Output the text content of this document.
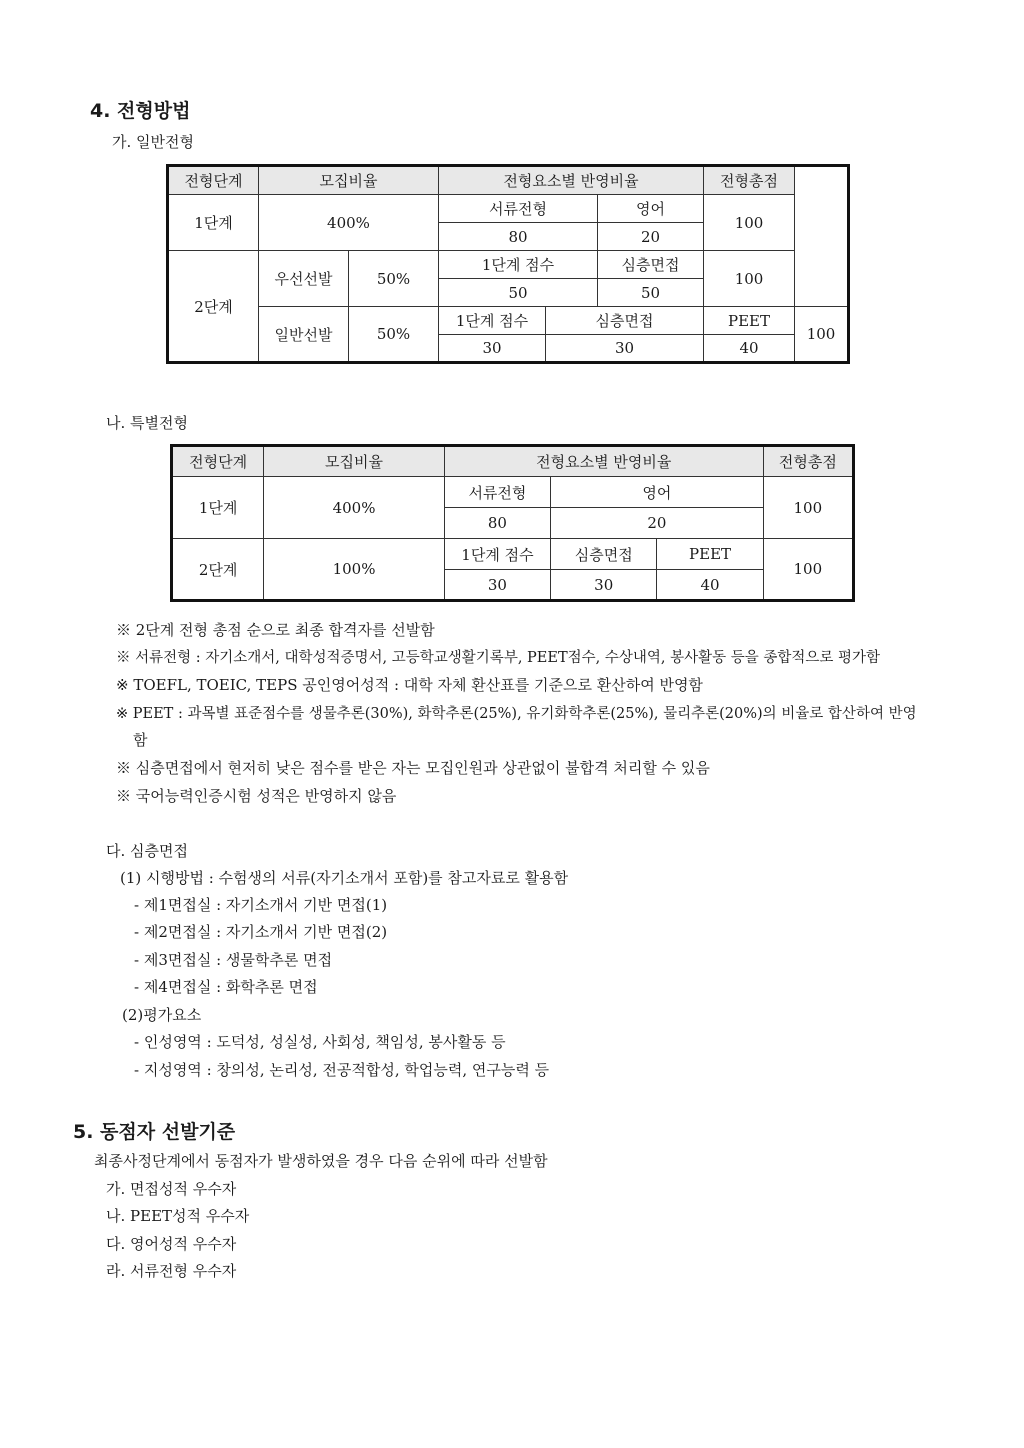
4. 전형방법
가. 일반전형
전형단계	모집비율		전형요소별 반영비율			전형총점	
1단계	400%		서류전형		영어	100	
			80		20		
2단계	우선선발	50%	1단계 점수		심층면접	100	
			50		50		
	일반선발	50%	1단계 점수	심층면접		PEET	100
			30	30		40	
나. 특별전형
전형단계	모집비율	전형요소별 반영비율			전형총점
1단계	400%	서류전형	영어		100
		80	20		
2단계	100%	1단계 점수	심층면접	PEET	100
		30	30	40	
※ 2단계 전형 총점 순으로 최종 합격자를 선발함
※ 서류전형 : 자기소개서, 대학성적증명서, 고등학교생활기록부, PEET점수, 수상내역, 봉사활동 등을 종합적으로 평가함
※ TOEFL, TOEIC, TEPS 공인영어성적 : 대학 자체 환산표를 기준으로 환산하여 반영함
※ PEET : 과목별 표준점수를 생물추론(30%), 화학추론(25%), 유기화학추론(25%), 물리추론(20%)의 비율로 합산하여 반영
함
※ 심층면접에서 현저히 낮은 점수를 받은 자는 모집인원과 상관없이 불합격 처리할 수 있음
※ 국어능력인증시험 성적은 반영하지 않음
다. 심층면접
(1) 시행방법 : 수험생의 서류(자기소개서 포함)를 참고자료로 활용함
- 제1면접실 : 자기소개서 기반 면접(1)
- 제2면접실 : 자기소개서 기반 면접(2)
- 제3면접실 : 생물학추론 면접
- 제4면접실 : 화학추론 면접
(2)평가요소
- 인성영역 : 도덕성, 성실성, 사회성, 책임성, 봉사활동 등
- 지성영역 : 창의성, 논리성, 전공적합성, 학업능력, 연구능력 등
5. 동점자 선발기준
최종사정단계에서 동점자가 발생하였을 경우 다음 순위에 따라 선발함
가. 면접성적 우수자
나. PEET성적 우수자
다. 영어성적 우수자
라. 서류전형 우수자
